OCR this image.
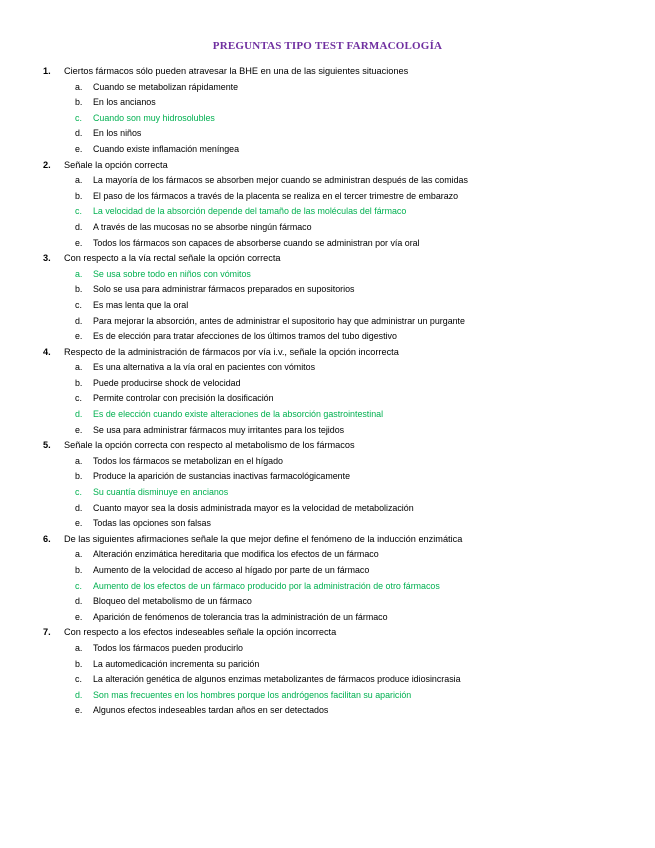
PREGUNTAS TIPO TEST FARMACOLOGÍA
1.	Ciertos fármacos sólo pueden atravesar la BHE en una de las siguientes situaciones
a.	Cuando se metabolizan rápidamente
b.	En los ancianos
c.	Cuando son muy hidrosolubles
d.	En los niños
e.	Cuando existe inflamación meníngea
2.	Señale la opción correcta
a.	La mayoría de los fármacos se absorben mejor cuando se administran después de las comidas
b.	El paso de los fármacos a través de la placenta se realiza en el tercer trimestre de embarazo
c.	La velocidad de la absorción depende del tamaño de las moléculas del fármaco
d.	A través de las mucosas no se absorbe ningún fármaco
e.	Todos los fármacos son capaces de absorberse cuando se administran por vía oral
3.	Con respecto a la vía rectal señale la opción correcta
a.	Se usa sobre todo en niños con vómitos
b.	Solo se usa para administrar fármacos preparados en supositorios
c.	Es mas lenta que la oral
d.	Para mejorar la absorción, antes de administrar el supositorio hay que administrar un purgante
e.	Es de elección para tratar afecciones de los últimos tramos del tubo digestivo
4.	Respecto de la administración de fármacos por vía i.v., señale la opción incorrecta
a.	Es una alternativa a la vía oral en pacientes con vómitos
b.	Puede producirse shock de velocidad
c.	Permite controlar con precisión la dosificación
d.	Es de elección cuando existe alteraciones de la absorción gastrointestinal
e.	Se usa para administrar fármacos muy irritantes para los tejidos
5.	Señale la opción correcta con respecto al metabolismo de los fármacos
a.	Todos los fármacos se metabolizan en el hígado
b.	Produce la aparición de sustancias inactivas farmacológicamente
c.	Su cuantía disminuye en ancianos
d.	Cuanto mayor sea la dosis administrada mayor es la velocidad de metabolización
e.	Todas las opciones son falsas
6.	De las siguientes afirmaciones señale la que mejor define el fenómeno de la inducción enzimática
a.	Alteración enzimática hereditaria que modifica los efectos de un fármaco
b.	Aumento de la velocidad de acceso al hígado por parte de un fármaco
c.	Aumento de los efectos de un fármaco producido por la administración de otro fármacos
d.	Bloqueo del metabolismo de un fármaco
e.	Aparición de fenómenos de tolerancia tras la administración de un fármaco
7.	Con respecto a los efectos indeseables señale la opción incorrecta
a.	Todos los fármacos pueden producirlo
b.	La automedicación incrementa su parición
c.	La alteración genética de algunos enzimas metabolizantes de fármacos produce idiosincrasia
d.	Son mas frecuentes en los hombres porque los andrógenos facilitan su aparición
e.	Algunos efectos indeseables tardan años en ser detectados
